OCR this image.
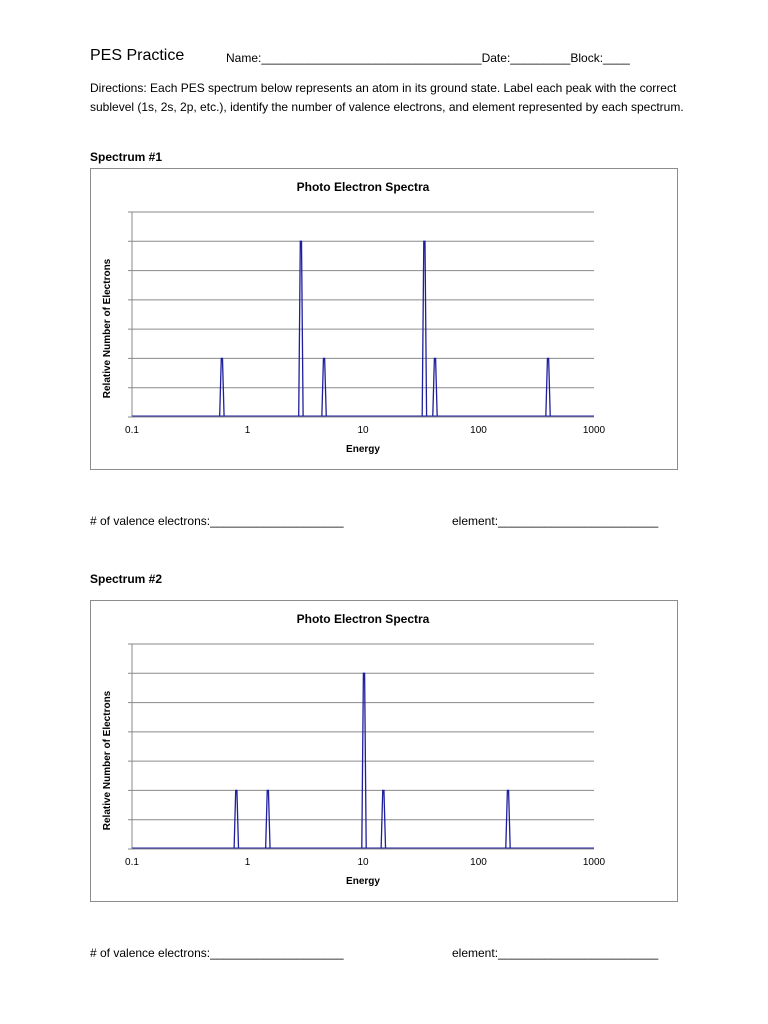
PES Practice	Name:_________________________________Date:_________Block:____
Directions: Each PES spectrum below represents an atom in its ground state. Label each peak with the correct sublevel (1s, 2s, 2p, etc.), identify the number of valence electrons, and element represented by each spectrum.
Spectrum #1
Photo Electron Spectra
0.1	1	10	100	1000
Energy
Relative Number of Electrons
# of valence electrons:____________________	element:________________________
Spectrum #2
Photo Electron Spectra
0.1	1	10	100	1000
Energy
Relative Number of Electrons
# of valence electrons:____________________	element:________________________
